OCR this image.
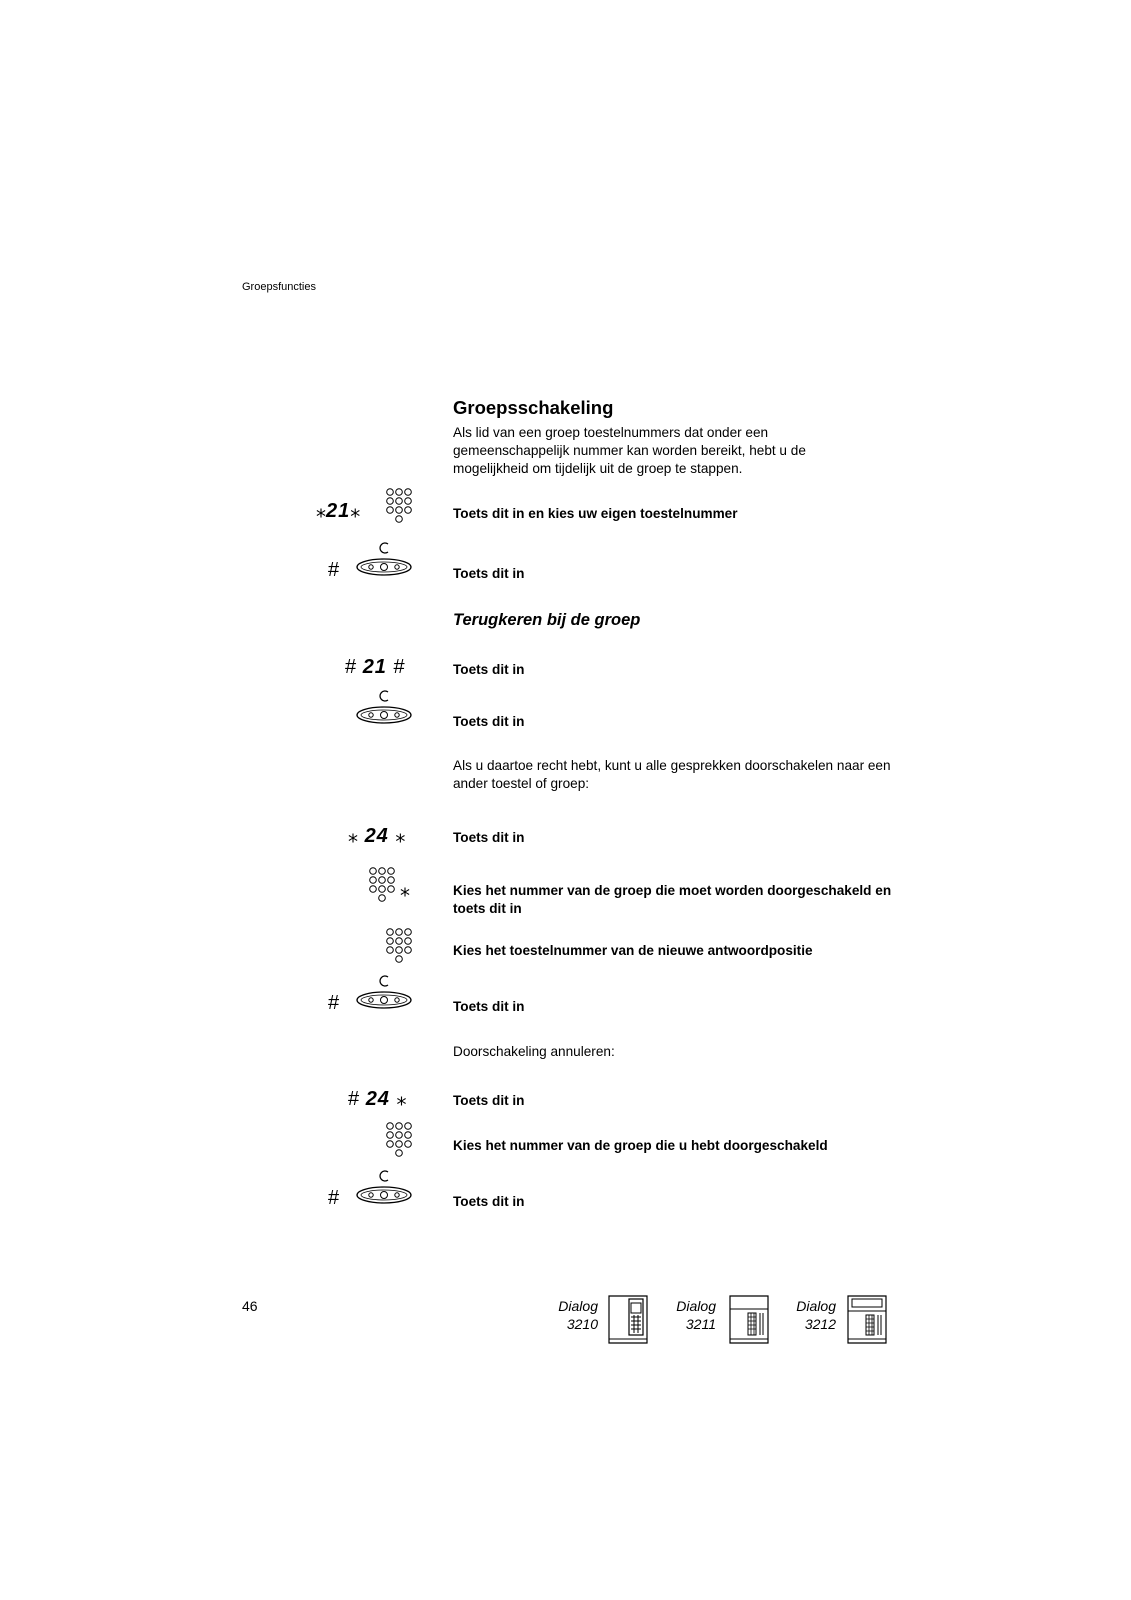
Groepsfuncties
Groepsschakeling
Als lid van een groep toestelnummers dat onder een gemeenschappelijk nummer kan worden bereikt, hebt u de mogelijkheid om tijdelijk uit de groep te stappen.
⁎21⁎	Toets dit in en kies uw eigen toestelnummer
#	Toets dit in
Terugkeren bij de groep
# 21 #	Toets dit in
Toets dit in
Als u daartoe recht hebt, kunt u alle gesprekken doorschakelen naar een ander toestel of groep:
⁎ 24 ⁎	Toets dit in
⁎	Kies het nummer van de groep die moet worden doorgeschakeld en toets dit in
Kies het toestelnummer van de nieuwe antwoordpositie
#	Toets dit in
Doorschakeling annuleren:
# 24 ⁎	Toets dit in
Kies het nummer van de groep die u hebt doorgeschakeld
#	Toets dit in
46	Dialog
3210
Dialog
3211
Dialog
3212
